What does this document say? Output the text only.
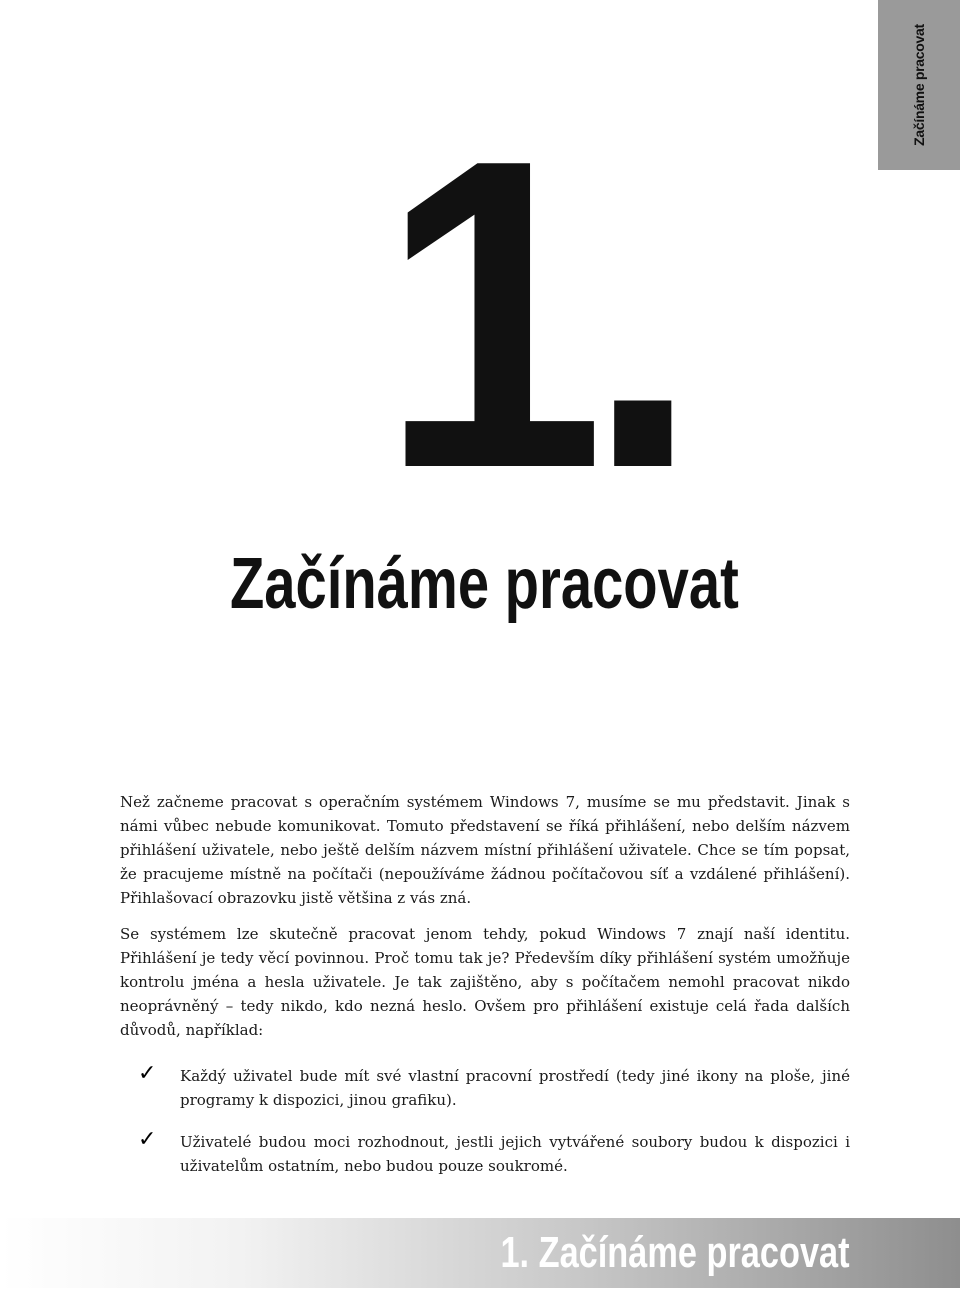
Začínáme pracovat
1.
Začínáme pracovat

Než začneme pracovat s operačním systémem Windows 7, musíme se mu představit. Jinak s námi vůbec nebude komunikovat. Tomuto představení se říká přihlášení, nebo delším názvem přihlášení uživatele, nebo ještě delším názvem místní přihlášení uživatele. Chce se tím popsat, že pracujeme místně na počítači (nepoužíváme žádnou počítačovou síť a vzdálené přihlášení). Přihlašovací obrazovku jistě většina z vás zná.

Se systémem lze skutečně pracovat jenom tehdy, pokud Windows 7 znají naší identitu. Přihlášení je tedy věcí povinnou. Proč tomu tak je? Především díky přihlášení systém umožňuje kontrolu jména a hesla uživatele. Je tak zajištěno, aby s počítačem nemohl pracovat nikdo neoprávněný – tedy nikdo, kdo nezná heslo. Ovšem pro přihlášení existuje celá řada dalších důvodů, například:

✓ Každý uživatel bude mít své vlastní pracovní prostředí (tedy jiné ikony na ploše, jiné programy k dispozici, jinou grafiku).
✓ Uživatelé budou moci rozhodnout, jestli jejich vytvářené soubory budou k dispozici i uživatelům ostatním, nebo budou pouze soukromé.
1. Začínáme pracovat
